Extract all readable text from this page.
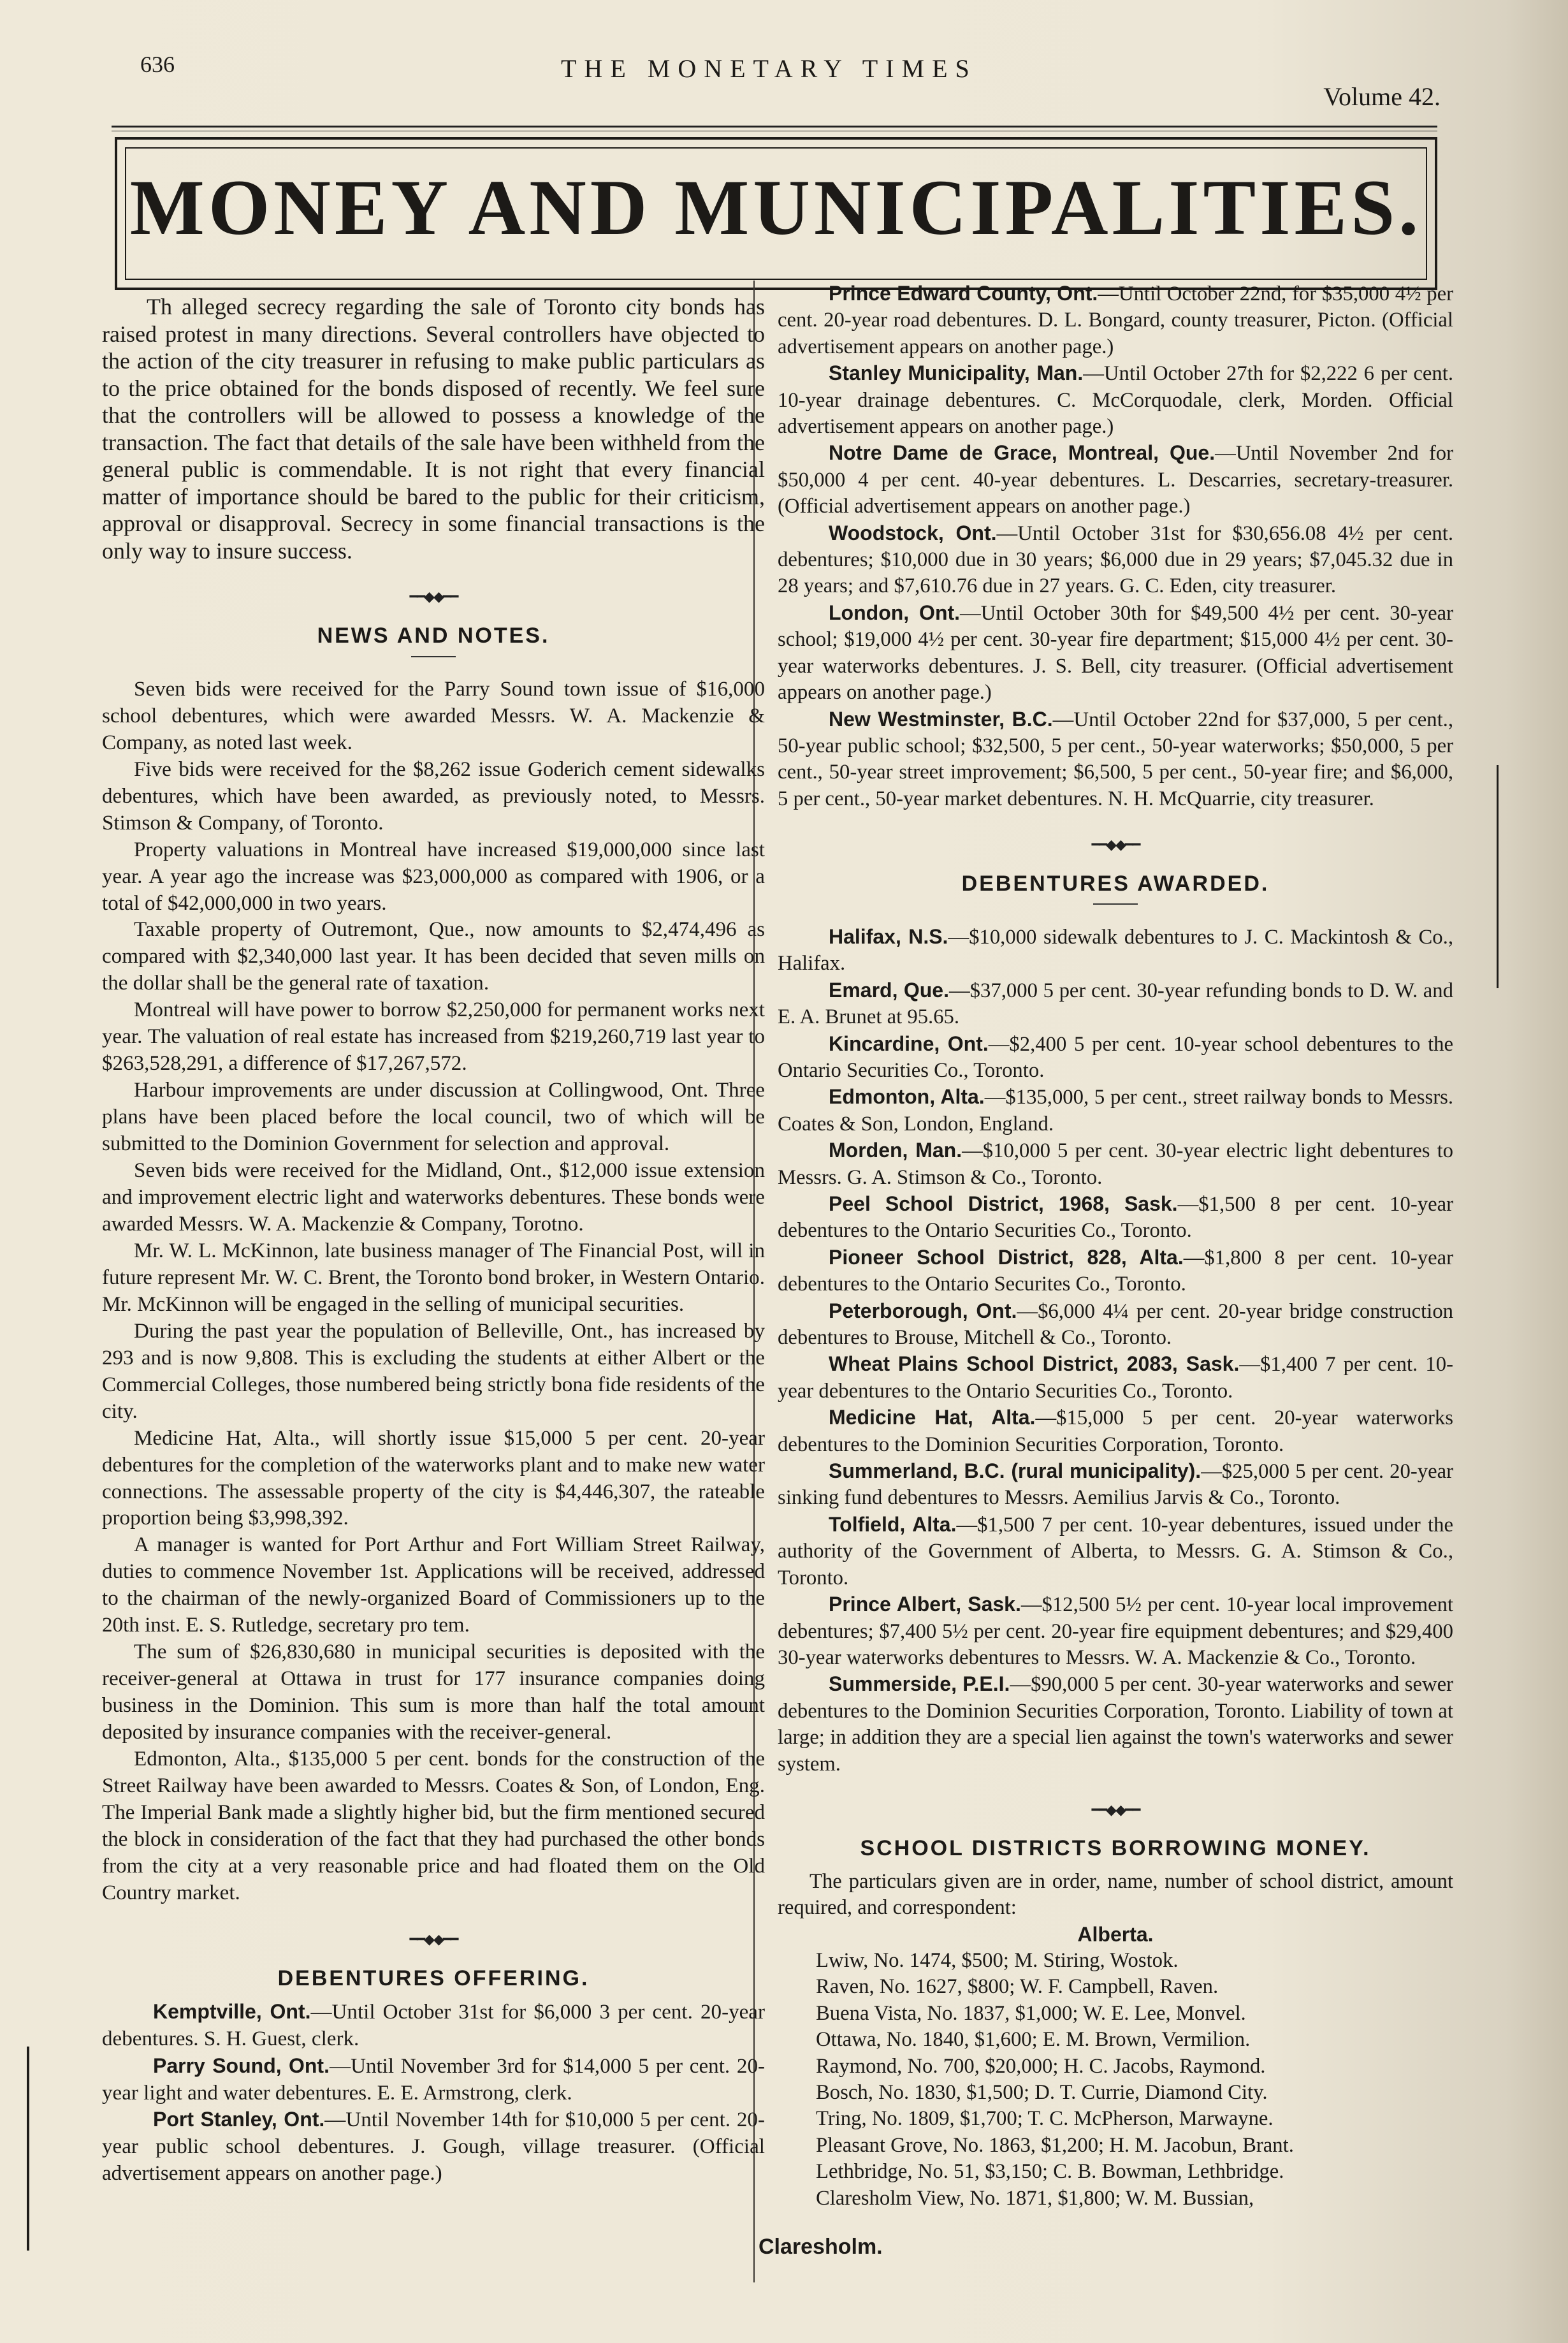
636	THE MONETARY TIMES
Volume 42.
MONEY AND MUNICIPALITIES.

Th alleged secrecy regarding the sale of Toronto city bonds has raised protest in many directions. Several controllers have objected to the action of the city treasurer in refusing to make public particulars as to the price obtained for the bonds disposed of recently. We feel sure that the controllers will be allowed to possess a knowledge of the transaction. The fact that details of the sale have been withheld from the general public is commendable. It is not right that every financial matter of importance should be bared to the public for their criticism, approval or disapproval. Secrecy in some financial transactions is the only way to insure success.

━━◆◆━━
NEWS AND NOTES.

Seven bids were received for the Parry Sound town issue of $16,000 school debentures, which were awarded Messrs. W. A. Mackenzie & Company, as noted last week.

Five bids were received for the $8,262 issue Goderich cement sidewalks debentures, which have been awarded, as previously noted, to Messrs. Stimson & Company, of Toronto.

Property valuations in Montreal have increased $19,000,000 since last year. A year ago the increase was $23,000,000 as compared with 1906, or a total of $42,000,000 in two years.

Taxable property of Outremont, Que., now amounts to $2,474,496 as compared with $2,340,000 last year. It has been decided that seven mills on the dollar shall be the general rate of taxation.

Montreal will have power to borrow $2,250,000 for permanent works next year. The valuation of real estate has increased from $219,260,719 last year to $263,528,291, a difference of $17,267,572.

Harbour improvements are under discussion at Collingwood, Ont. Three plans have been placed before the local council, two of which will be submitted to the Dominion Government for selection and approval.

Seven bids were received for the Midland, Ont., $12,000 issue extension and improvement electric light and waterworks debentures. These bonds were awarded Messrs. W. A. Mackenzie & Company, Torotno.

Mr. W. L. McKinnon, late business manager of The Financial Post, will in future represent Mr. W. C. Brent, the Toronto bond broker, in Western Ontario. Mr. McKinnon will be engaged in the selling of municipal securities.

During the past year the population of Belleville, Ont., has increased by 293 and is now 9,808. This is excluding the students at either Albert or the Commercial Colleges, those numbered being strictly bona fide residents of the city.

Medicine Hat, Alta., will shortly issue $15,000 5 per cent. 20-year debentures for the completion of the waterworks plant and to make new water connections. The assessable property of the city is $4,446,307, the rateable proportion being $3,998,392.

A manager is wanted for Port Arthur and Fort William Street Railway, duties to commence November 1st. Applications will be received, addressed to the chairman of the newly-organized Board of Commissioners up to the 20th inst. E. S. Rutledge, secretary pro tem.

The sum of $26,830,680 in municipal securities is deposited with the receiver-general at Ottawa in trust for 177 insurance companies doing business in the Dominion. This sum is more than half the total amount deposited by insurance companies with the receiver-general.

Edmonton, Alta., $135,000 5 per cent. bonds for the construction of the Street Railway have been awarded to Messrs. Coates & Son, of London, Eng. The Imperial Bank made a slightly higher bid, but the firm mentioned secured the block in consideration of the fact that they had purchased the other bonds from the city at a very reasonable price and had floated them on the Old Country market.

━━◆◆━━
DEBENTURES OFFERING.

Kemptville, Ont.—Until October 31st for $6,000 3 per cent. 20-year debentures. S. H. Guest, clerk.

Parry Sound, Ont.—Until November 3rd for $14,000 5 per cent. 20-year light and water debentures. E. E. Armstrong, clerk.

Port Stanley, Ont.—Until November 14th for $10,000 5 per cent. 20-year public school debentures. J. Gough, village treasurer. (Official advertisement appears on another page.)

Prince Edward County, Ont.—Until October 22nd, for $35,000 4½ per cent. 20-year road debentures. D. L. Bongard, county treasurer, Picton. (Official advertisement appears on another page.)

Stanley Municipality, Man.—Until October 27th for $2,222 6 per cent. 10-year drainage debentures. C. McCorquodale, clerk, Morden. Official advertisement appears on another page.)

Notre Dame de Grace, Montreal, Que.—Until November 2nd for $50,000 4 per cent. 40-year debentures. L. Descarries, secretary-treasurer. (Official advertisement appears on another page.)

Woodstock, Ont.—Until October 31st for $30,656.08 4½ per cent. debentures; $10,000 due in 30 years; $6,000 due in 29 years; $7,045.32 due in 28 years; and $7,610.76 due in 27 years. G. C. Eden, city treasurer.

London, Ont.—Until October 30th for $49,500 4½ per cent. 30-year school; $19,000 4½ per cent. 30-year fire department; $15,000 4½ per cent. 30-year waterworks debentures. J. S. Bell, city treasurer. (Official advertisement appears on another page.)

New Westminster, B.C.—Until October 22nd for $37,000, 5 per cent., 50-year public school; $32,500, 5 per cent., 50-year waterworks; $50,000, 5 per cent., 50-year street improvement; $6,500, 5 per cent., 50-year fire; and $6,000, 5 per cent., 50-year market debentures. N. H. McQuarrie, city treasurer.

━━◆◆━━
DEBENTURES AWARDED.

Halifax, N.S.—$10,000 sidewalk debentures to J. C. Mackintosh & Co., Halifax.

Emard, Que.—$37,000 5 per cent. 30-year refunding bonds to D. W. and E. A. Brunet at 95.65.

Kincardine, Ont.—$2,400 5 per cent. 10-year school debentures to the Ontario Securities Co., Toronto.

Edmonton, Alta.—$135,000, 5 per cent., street railway bonds to Messrs. Coates & Son, London, England.

Morden, Man.—$10,000 5 per cent. 30-year electric light debentures to Messrs. G. A. Stimson & Co., Toronto.

Peel School District, 1968, Sask.—$1,500 8 per cent. 10-year debentures to the Ontario Securities Co., Toronto.

Pioneer School District, 828, Alta.—$1,800 8 per cent. 10-year debentures to the Ontario Securites Co., Toronto.

Peterborough, Ont.—$6,000 4¼ per cent. 20-year bridge construction debentures to Brouse, Mitchell & Co., Toronto.

Wheat Plains School District, 2083, Sask.—$1,400 7 per cent. 10-year debentures to the Ontario Securities Co., Toronto.

Medicine Hat, Alta.—$15,000 5 per cent. 20-year waterworks debentures to the Dominion Securities Corporation, Toronto.

Summerland, B.C. (rural municipality).—$25,000 5 per cent. 20-year sinking fund debentures to Messrs. Aemilius Jarvis & Co., Toronto.

Tolfield, Alta.—$1,500 7 per cent. 10-year debentures, issued under the authority of the Government of Alberta, to Messrs. G. A. Stimson & Co., Toronto.

Prince Albert, Sask.—$12,500 5½ per cent. 10-year local improvement debentures; $7,400 5½ per cent. 20-year fire equipment debentures; and $29,400 30-year waterworks debentures to Messrs. W. A. Mackenzie & Co., Toronto.

Summerside, P.E.I.—$90,000 5 per cent. 30-year waterworks and sewer debentures to the Dominion Securities Corporation, Toronto. Liability of town at large; in addition they are a special lien against the town's waterworks and sewer system.

━━◆◆━━
SCHOOL DISTRICTS BORROWING MONEY.

The particulars given are in order, name, number of school district, amount required, and correspondent:

Alberta.

Lwiw, No. 1474, $500; M. Stiring, Wostok.

Raven, No. 1627, $800; W. F. Campbell, Raven.

Buena Vista, No. 1837, $1,000; W. E. Lee, Monvel.

Ottawa, No. 1840, $1,600; E. M. Brown, Vermilion.

Raymond, No. 700, $20,000; H. C. Jacobs, Raymond.

Bosch, No. 1830, $1,500; D. T. Currie, Diamond City.

Tring, No. 1809, $1,700; T. C. McPherson, Marwayne.

Pleasant Grove, No. 1863, $1,200; H. M. Jacobun, Brant.

Lethbridge, No. 51, $3,150; C. B. Bowman, Lethbridge.

Claresholm View, No. 1871, $1,800; W. M. Bussian,

Claresholm.
